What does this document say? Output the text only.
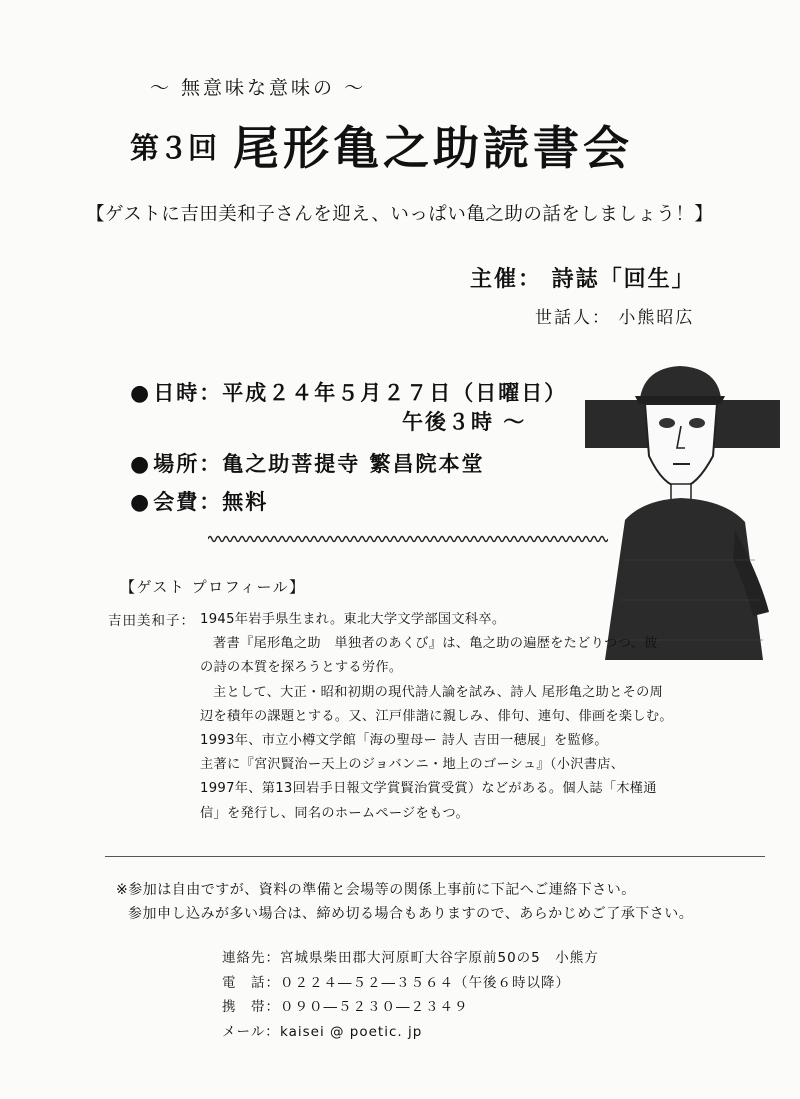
～ 無意味な意味の ～
第３回 尾形亀之助読書会
【ゲストに吉田美和子さんを迎え、いっぱい亀之助の話をしましょう！】
主催： 詩誌「回生」
世話人： 小熊昭広
●日時：平成２４年５月２７日（日曜日）
午後３時 ～
●場所：亀之助菩提寺 繁昌院本堂
●会費：無料
【ゲスト プロフィール】
吉田美和子： 1945年岩手県生まれ。東北大学文学部国文科卒。
著書『尾形亀之助　単独者のあくび』は、亀之助の遍歴をたどりつつ、彼
の詩の本質を探ろうとする労作。
主として、大正・昭和初期の現代詩人論を試み、詩人 尾形亀之助とその周
辺を積年の課題とする。又、江戸俳諧に親しみ、俳句、連句、俳画を楽しむ。
1993年、市立小樽文学館「海の聖母ー 詩人 吉田一穂展」を監修。
主著に『宮沢賢治ー天上のジョバンニ・地上のゴーシュ』（小沢書店、
1997年、第13回岩手日報文学賞賢治賞受賞）などがある。個人誌「木槿通
信」を発行し、同名のホームページをもつ。
※参加は自由ですが、資料の準備と会場等の関係上事前に下記へご連絡下さい。
参加申し込みが多い場合は、締め切る場合もありますので、あらかじめご了承下さい。
連絡先：宮城県柴田郡大河原町大谷字原前50の5　小熊方
電　話：０２２４―５２―３５６４（午後６時以降）
携　帯：０９０―５２３０―２３４９
メール：kaisei @ poetic. jp
